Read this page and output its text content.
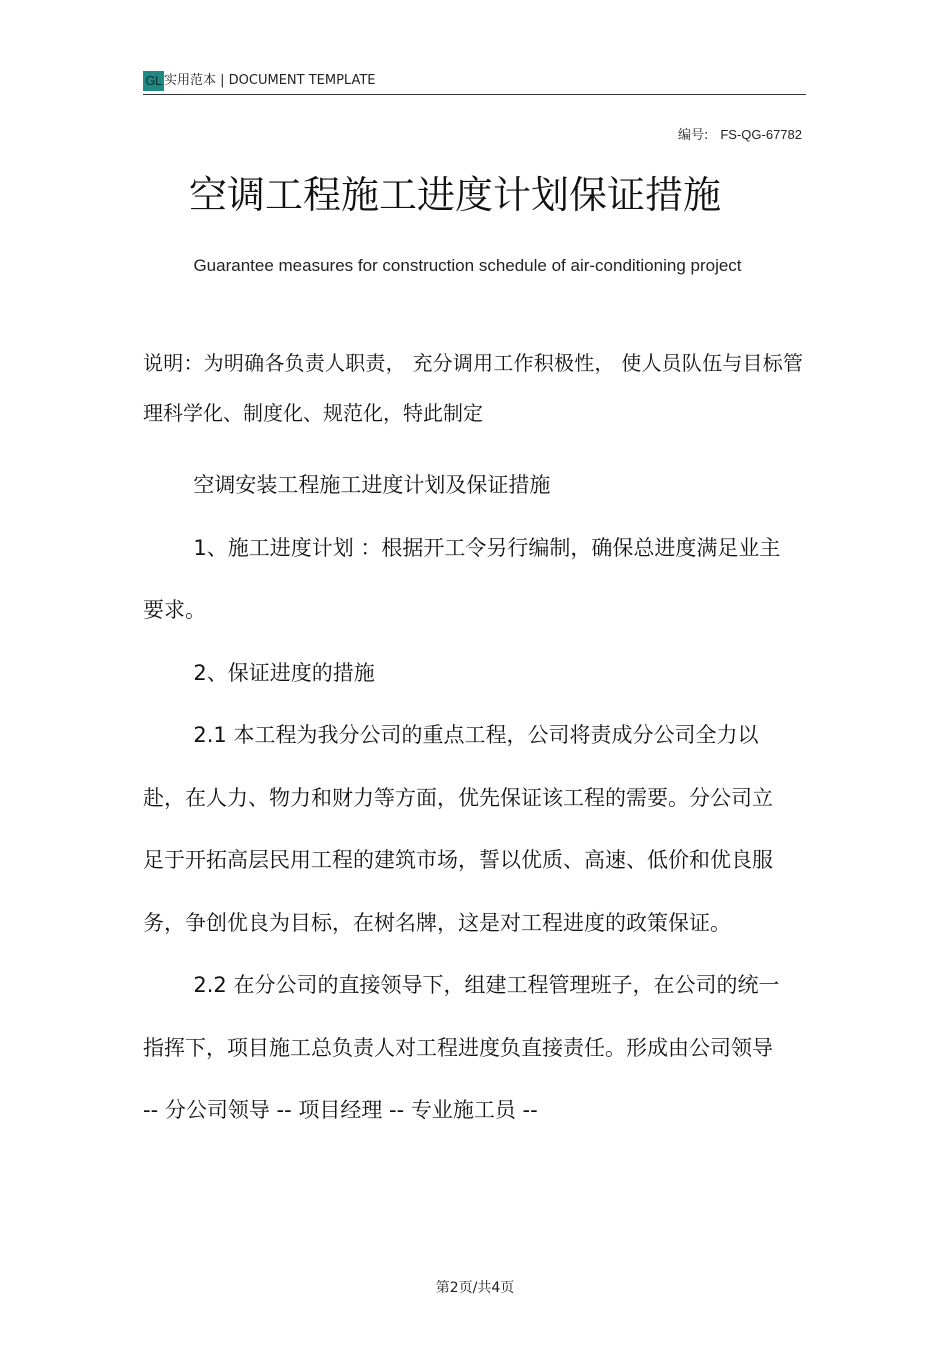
GL 实用范本 | DOCUMENT TEMPLATE
编号: FS-QG-67782
空调工程施工进度计划保证措施

Guarantee measures for construction schedule of air-conditioning project

说明：为明确各负责人职责， 充分调用工作积极性， 使人员队伍与目标管理科学化、制度化、规范化，特此制定

空调安装工程施工进度计划及保证措施

1、施工进度计划 ：根据开工令另行编制，确保总进度满足业主要求。

2、保证进度的措施

2.1 本工程为我分公司的重点工程，公司将责成分公司全力以赴，在人力、物力和财力等方面，优先保证该工程的需要。分公司立足于开拓高层民用工程的建筑市场，誓以优质、高速、低价和优良服务，争创优良为目标，在树名牌，这是对工程进度的政策保证。

2.2 在分公司的直接领导下，组建工程管理班子，在公司的统一指挥下，项目施工总负责人对工程进度负直接责任。形成由公司领导 -- 分公司领导 -- 项目经理 -- 专业施工员 --

第2页/共4页
